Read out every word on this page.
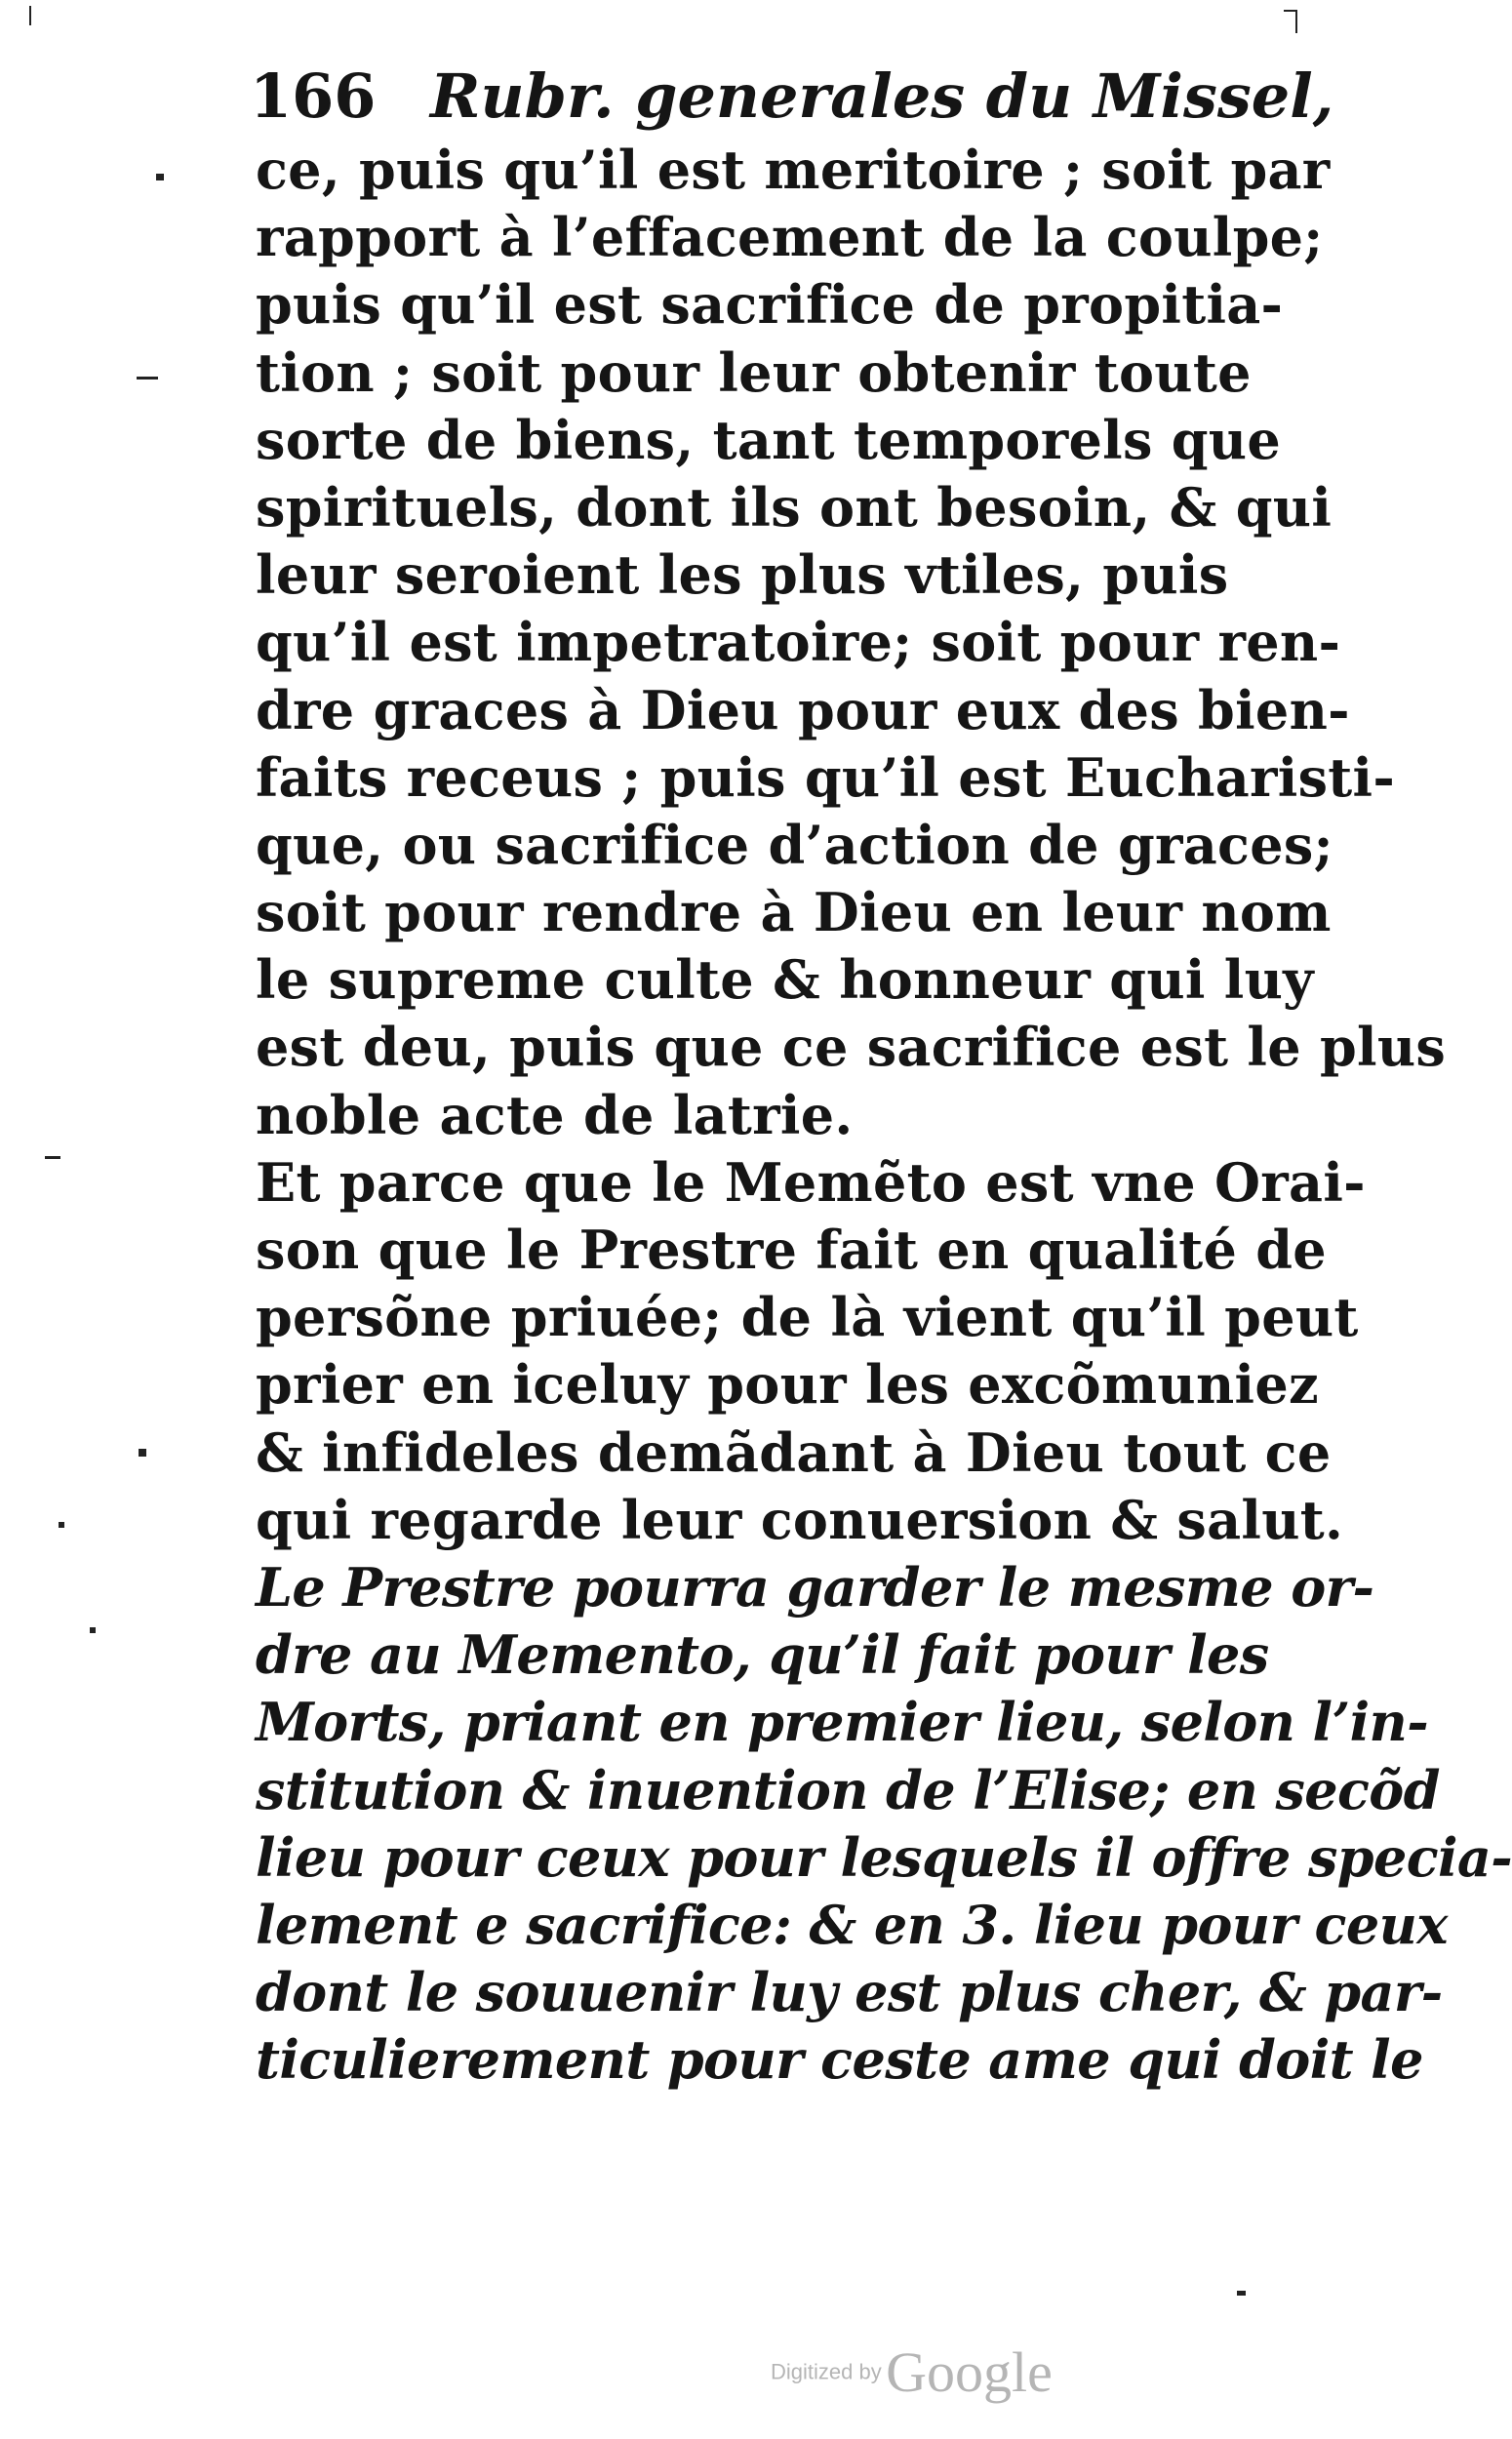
166 Rubr. generales du Missel,
ce, puis qu’il est meritoire ; soit par
rapport à l’effacement de la coulpe;
puis qu’il est sacrifice de propitia-
tion ; soit pour leur obtenir toute
sorte de biens, tant temporels que
spirituels, dont ils ont besoin, & qui
leur seroient les plus vtiles, puis
qu’il est impetratoire; soit pour ren-
dre graces à Dieu pour eux des bien-
faits receus ; puis qu’il est Eucharisti-
que, ou sacrifice d’action de graces;
soit pour rendre à Dieu en leur nom
le supreme culte & honneur qui luy
est deu, puis que ce sacrifice est le plus
noble acte de latrie.
Et parce que le Memẽto est vne Orai-
son que le Prestre fait en qualité de
persõne priuée; de là vient qu’il peut
prier en iceluy pour les excõmuniez
& infideles demãdant à Dieu tout ce
qui regarde leur conuersion & salut.
Le Prestre pourra garder le mesme or-
dre au Memento, qu’il fait pour les
Morts, priant en premier lieu, selon l’in-
stitution & inuention de l’Elise; en secõd
lieu pour ceux pour lesquels il offre specia-
lement e sacrifice: & en 3. lieu pour ceux
dont le souuenir luy est plus cher, & par-
ticulierement pour ceste ame qui doit le
Digitized by Google
